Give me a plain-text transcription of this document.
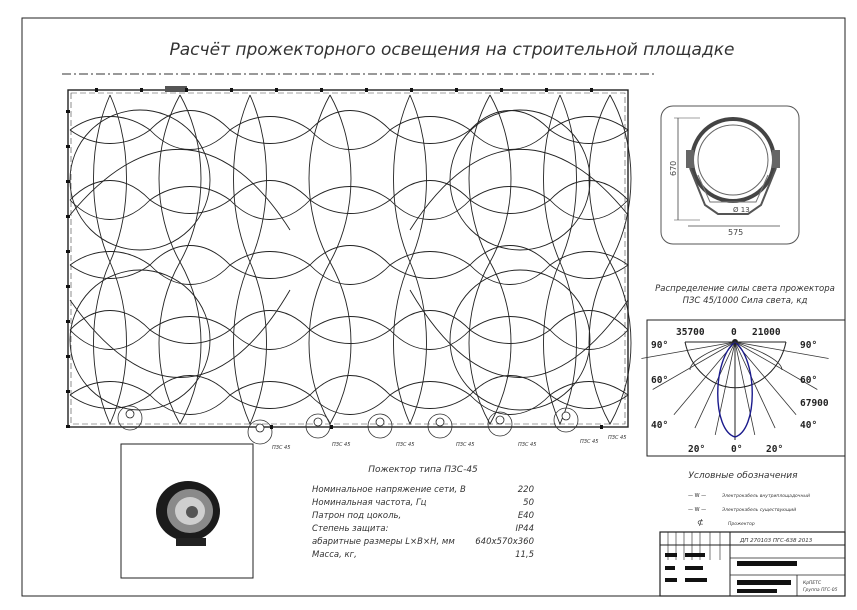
Расчёт прожекторного освещения на строительной площадке
ПЗС 45	ПЗС 45	ПЗС 45	ПЗС 45	ПЗС 45	ПЗС 45
ПЗС 45
670
575
Ø 13
Распределение силы света прожектора
ПЗС 45/1000 Сила света, кд
35700	0 21000
90°	90°
60°	60°
67900
40°	40°
20°	0° 20°
Пожектор типа ПЗС-45
Номинальное напряжение сети, В	220
Номинальная частота, Гц	50
Патрон под цоколь,	Е40
Степень защита:	IP44
абаритные размеры L×B×H, мм 640х570х360
Масса, кг,	11,5
Условные обозначения
— W —	Электрокабель внутриплощадочный
— W —	Электрокабель существующий
⊄	Прожектор
ДП 270103 ПГС-638 2013
КрПЕТС
Группа ПГС-05
